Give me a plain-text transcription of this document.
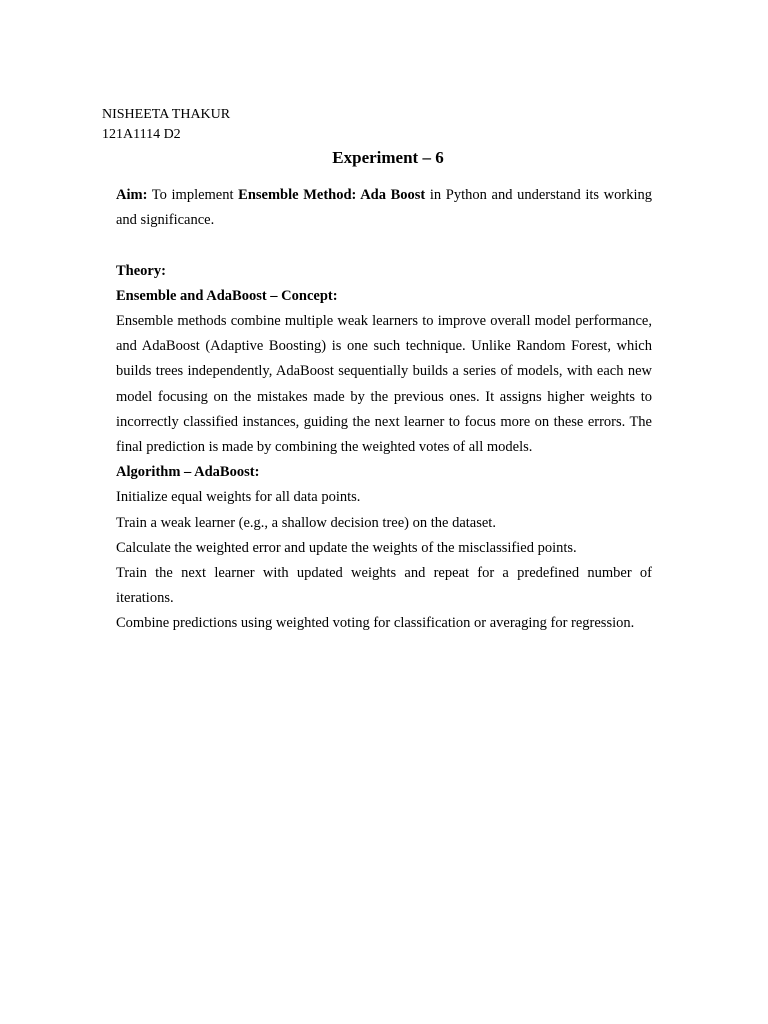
NISHEETA THAKUR
121A1114 D2
Experiment – 6

Aim: To implement Ensemble Method: Ada Boost in Python and understand its working and significance.

Theory:

Ensemble and AdaBoost – Concept:

Ensemble methods combine multiple weak learners to improve overall model performance, and AdaBoost (Adaptive Boosting) is one such technique. Unlike Random Forest, which builds trees independently, AdaBoost sequentially builds a series of models, with each new model focusing on the mistakes made by the previous ones. It assigns higher weights to incorrectly classified instances, guiding the next learner to focus more on these errors. The final prediction is made by combining the weighted votes of all models.

Algorithm – AdaBoost:

Initialize equal weights for all data points.

Train a weak learner (e.g., a shallow decision tree) on the dataset.

Calculate the weighted error and update the weights of the misclassified points.

Train the next learner with updated weights and repeat for a predefined number of iterations.

Combine predictions using weighted voting for classification or averaging for regression.
